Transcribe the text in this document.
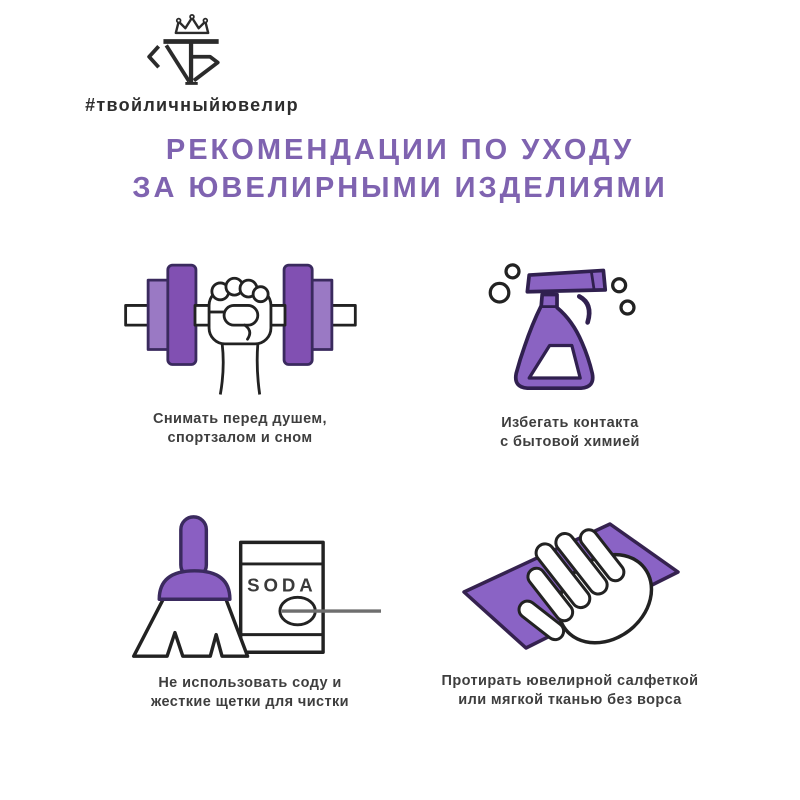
#твойличныйювелир
РЕКОМЕНДАЦИИ ПО УХОДУ
ЗА ЮВЕЛИРНЫМИ ИЗДЕЛИЯМИ

Снимать перед душем,
спортзалом и сном

Избегать контакта
с бытовой химией

SODA

Не использовать соду и
жесткие щетки для чистки

Протирать ювелирной салфеткой
или мягкой тканью без ворса
